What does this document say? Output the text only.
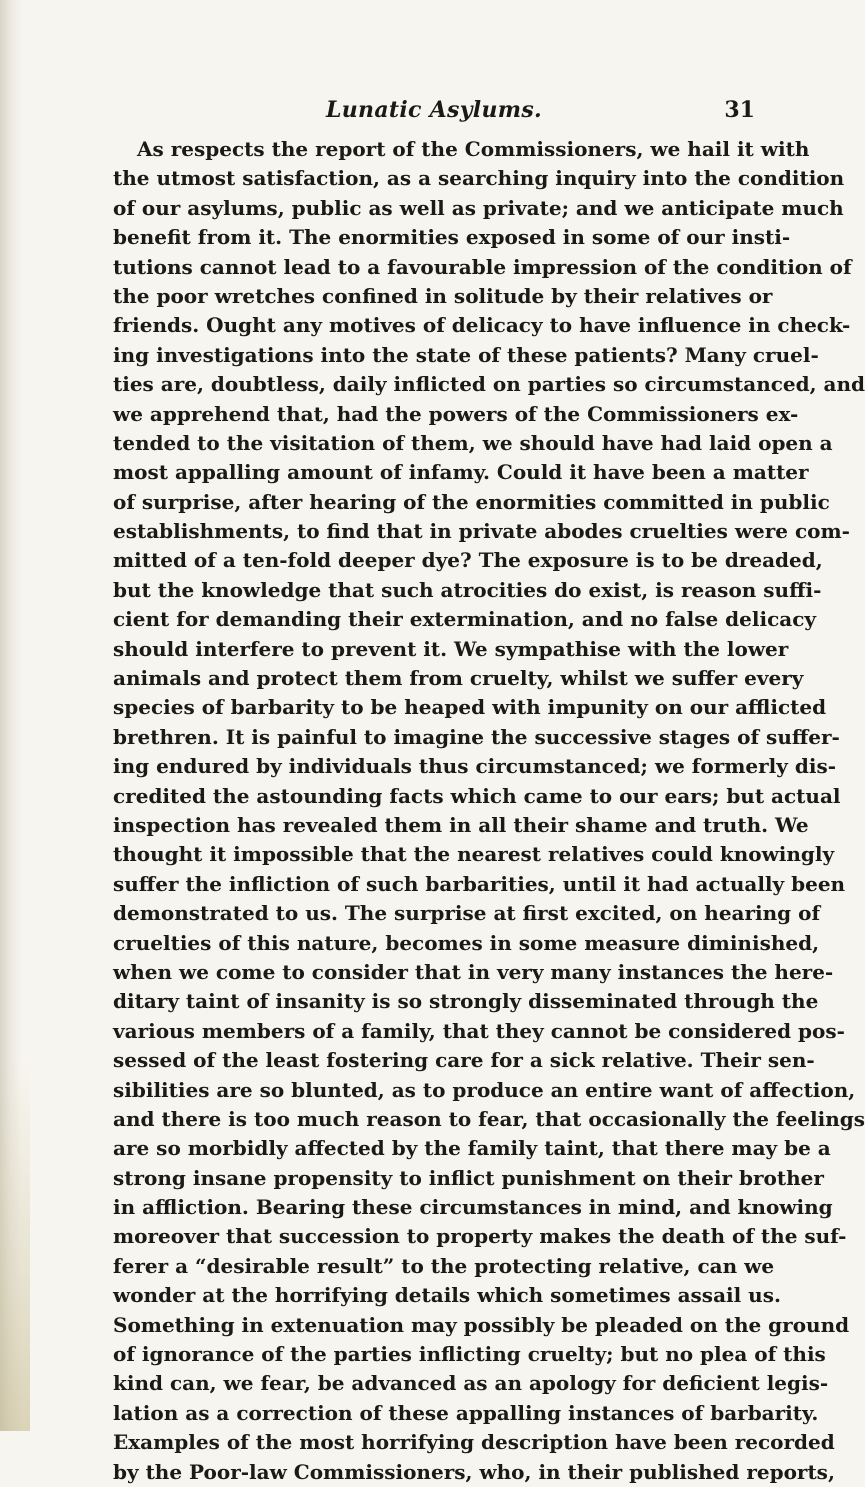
Lunatic Asylums.	31
As respects the report of the Commissioners, we hail it with
the utmost satisfaction, as a searching inquiry into the condition
of our asylums, public as well as private; and we anticipate much
benefit from it. The enormities exposed in some of our insti-
tutions cannot lead to a favourable impression of the condition of
the poor wretches confined in solitude by their relatives or
friends. Ought any motives of delicacy to have influence in check-
ing investigations into the state of these patients? Many cruel-
ties are, doubtless, daily inflicted on parties so circumstanced, and
we apprehend that, had the powers of the Commissioners ex-
tended to the visitation of them, we should have had laid open a
most appalling amount of infamy. Could it have been a matter
of surprise, after hearing of the enormities committed in public
establishments, to find that in private abodes cruelties were com-
mitted of a ten-fold deeper dye? The exposure is to be dreaded,
but the knowledge that such atrocities do exist, is reason suffi-
cient for demanding their extermination, and no false delicacy
should interfere to prevent it. We sympathise with the lower
animals and protect them from cruelty, whilst we suffer every
species of barbarity to be heaped with impunity on our afflicted
brethren. It is painful to imagine the successive stages of suffer-
ing endured by individuals thus circumstanced; we formerly dis-
credited the astounding facts which came to our ears; but actual
inspection has revealed them in all their shame and truth. We
thought it impossible that the nearest relatives could knowingly
suffer the infliction of such barbarities, until it had actually been
demonstrated to us. The surprise at first excited, on hearing of
cruelties of this nature, becomes in some measure diminished,
when we come to consider that in very many instances the here-
ditary taint of insanity is so strongly disseminated through the
various members of a family, that they cannot be considered pos-
sessed of the least fostering care for a sick relative. Their sen-
sibilities are so blunted, as to produce an entire want of affection,
and there is too much reason to fear, that occasionally the feelings
are so morbidly affected by the family taint, that there may be a
strong insane propensity to inflict punishment on their brother
in affliction. Bearing these circumstances in mind, and knowing
moreover that succession to property makes the death of the suf-
ferer a “desirable result” to the protecting relative, can we
wonder at the horrifying details which sometimes assail us.
Something in extenuation may possibly be pleaded on the ground
of ignorance of the parties inflicting cruelty; but no plea of this
kind can, we fear, be advanced as an apology for deficient legis-
lation as a correction of these appalling instances of barbarity.
Examples of the most horrifying description have been recorded
by the Poor-law Commissioners, who, in their published reports,
